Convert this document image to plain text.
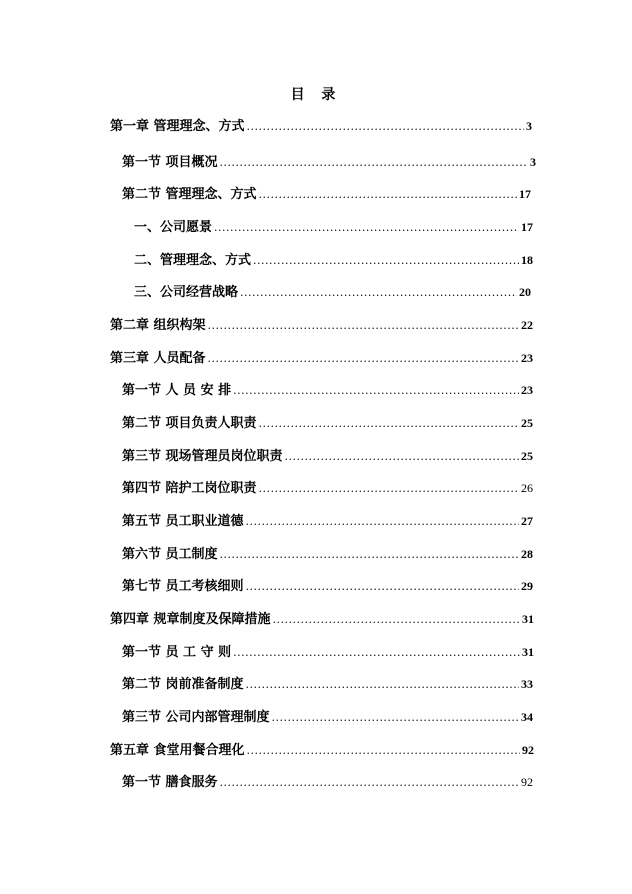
目 录
第一章 管理理念、方式 .....	3
第一节 项目概况 .....	3
第二节 管理理念、方式 .....	17
一、公司愿景 .....	17
二、管理理念、方式 .....	18
三、公司经营战略 .....	20
第二章 组织构架 .....	22
第三章 人员配备 .....	23
第一节 人 员 安 排 .....	23
第二节 项目负责人职责 .....	25
第三节 现场管理员岗位职责 .....	25
第四节 陪护工岗位职责 .....	26
第五节 员工职业道德 .....	27
第六节 员工制度 .....	28
第七节 员工考核细则 .....	29
第四章 规章制度及保障措施 .....	31
第一节 员 工 守 则 .....	31
第二节 岗前准备制度 .....	33
第三节 公司内部管理制度 .....	34
第五章 食堂用餐合理化 .....	92
第一节 膳食服务 .....	92
